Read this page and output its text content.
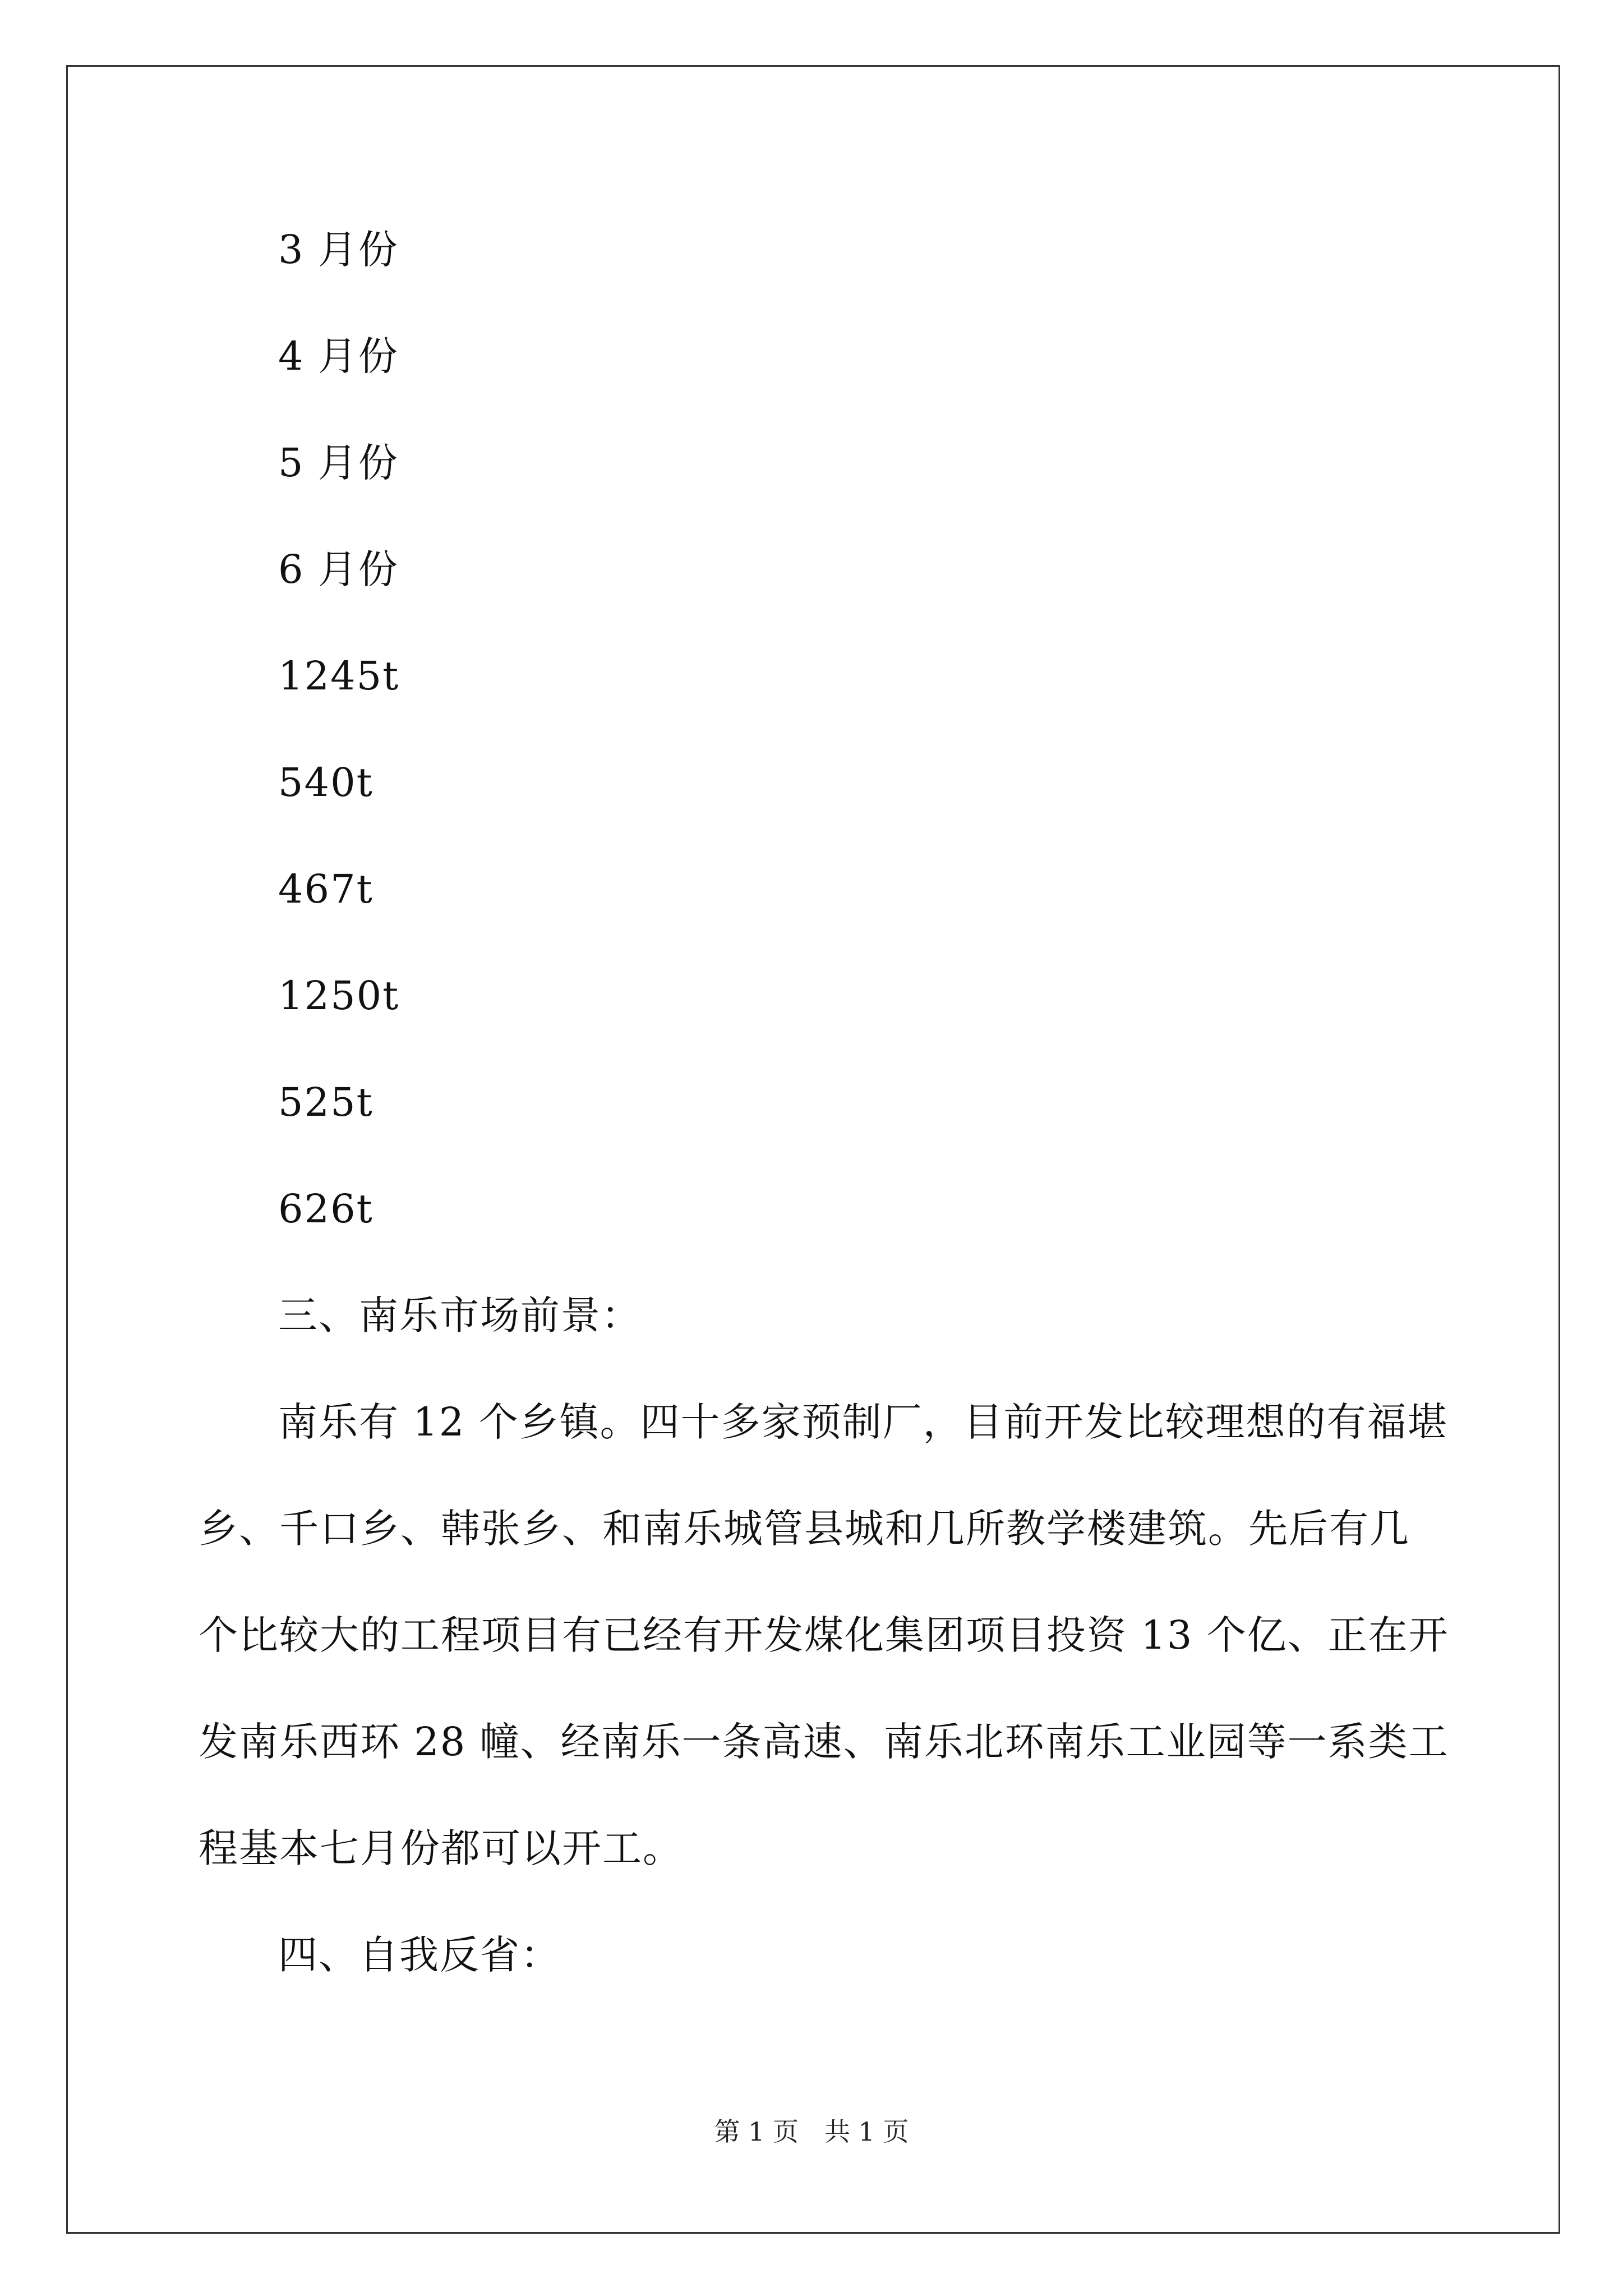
3 月份
4 月份
5 月份
6 月份
1245t
540t
467t
1250t
525t
626t
三、南乐市场前景：
南乐有 12 个乡镇。四十多家预制厂，目前开发比较理想的有福堪
乡、千口乡、韩张乡、和南乐城管县城和几所教学楼建筑。先后有几
个比较大的工程项目有已经有开发煤化集团项目投资 13 个亿、正在开
发南乐西环 28 幢、经南乐一条高速、南乐北环南乐工业园等一系类工
程基本七月份都可以开工。
四、自我反省：
第 1 页　共 1 页
